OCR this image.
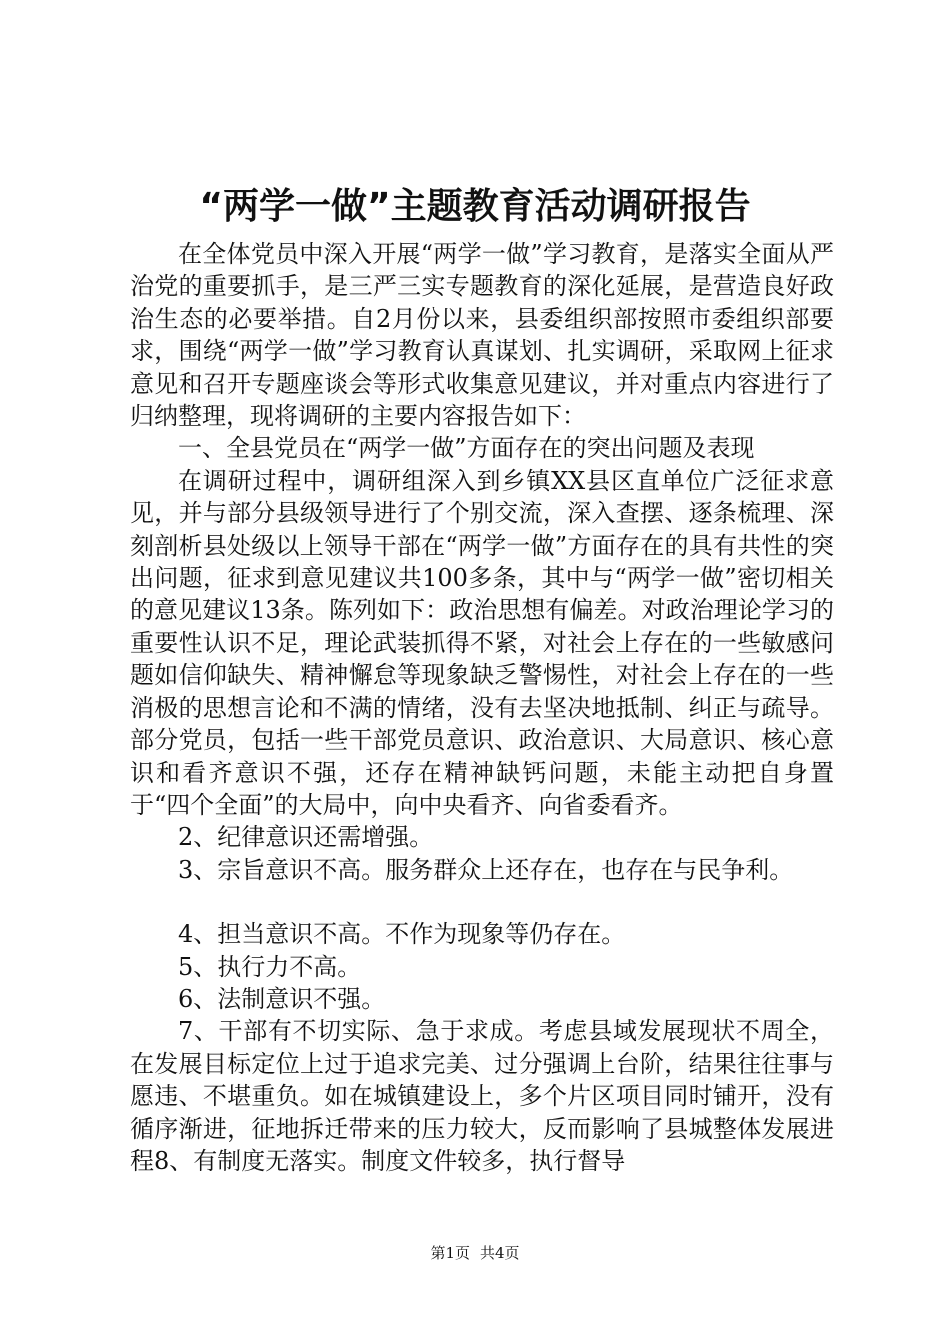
“两学一做”主题教育活动调研报告

在全体党员中深入开展“两学一做”学习教育，是落实全面从严治党的重要抓手，是三严三实专题教育的深化延展，是营造良好政治生态的必要举措。自2月份以来，县委组织部按照市委组织部要求，围绕“两学一做”学习教育认真谋划、扎实调研，采取网上征求意见和召开专题座谈会等形式收集意见建议，并对重点内容进行了归纳整理，现将调研的主要内容报告如下：

一、全县党员在“两学一做”方面存在的突出问题及表现

在调研过程中，调研组深入到乡镇XX县区直单位广泛征求意见，并与部分县级领导进行了个别交流，深入查摆、逐条梳理、深刻剖析县处级以上领导干部在“两学一做”方面存在的具有共性的突出问题，征求到意见建议共100多条，其中与“两学一做”密切相关的意见建议13条。陈列如下：政治思想有偏差。对政治理论学习的重要性认识不足，理论武装抓得不紧，对社会上存在的一些敏感问题如信仰缺失、精神懈怠等现象缺乏警惕性，对社会上存在的一些消极的思想言论和不满的情绪，没有去坚决地抵制、纠正与疏导。部分党员，包括一些干部党员意识、政治意识、大局意识、核心意识和看齐意识不强，还存在精神缺钙问题，未能主动把自身置于“四个全面”的大局中，向中央看齐、向省委看齐。

2、纪律意识还需增强。

3、宗旨意识不高。服务群众上还存在，也存在与民争利。

4、担当意识不高。不作为现象等仍存在。

5、执行力不高。

6、法制意识不强。

7、干部有不切实际、急于求成。考虑县域发展现状不周全，在发展目标定位上过于追求完美、过分强调上台阶，结果往往事与愿违、不堪重负。如在城镇建设上，多个片区项目同时铺开，没有循序渐进，征地拆迁带来的压力较大，反而影响了县城整体发展进程8、有制度无落实。制度文件较多，执行督导

第1页 共4页
